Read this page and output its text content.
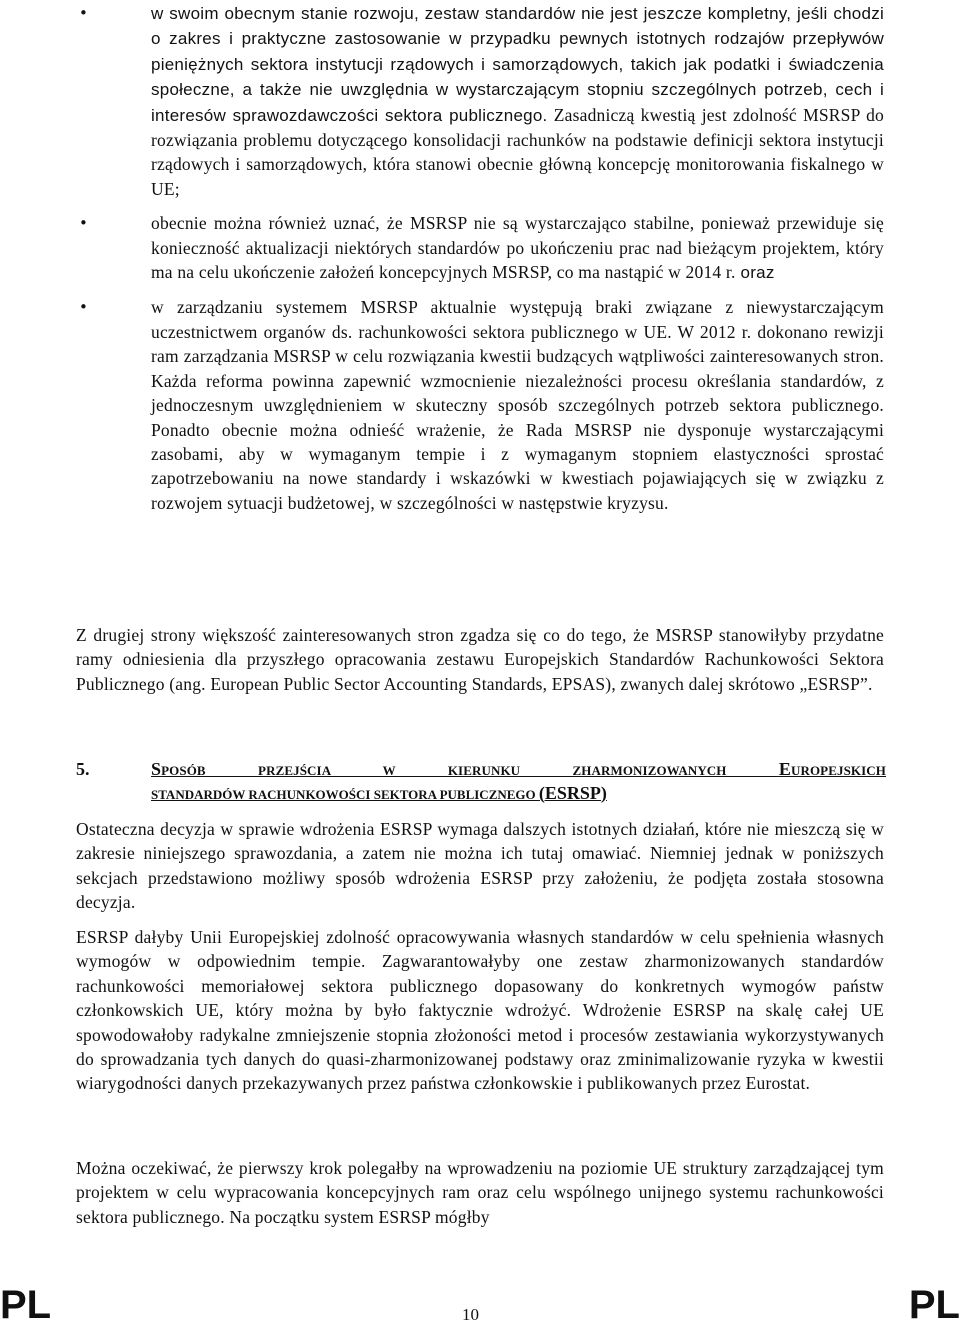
•	w swoim obecnym stanie rozwoju, zestaw standardów nie jest jeszcze kompletny, jeśli chodzi o zakres i praktyczne zastosowanie w przypadku pewnych istotnych rodzajów przepływów pieniężnych sektora instytucji rządowych i samorządowych, takich jak podatki i świadczenia społeczne, a także nie uwzględnia w wystarczającym stopniu szczególnych potrzeb, cech i interesów sprawozdawczości sektora publicznego. Zasadniczą kwestią jest zdolność MSRSP do rozwiązania problemu dotyczącego konsolidacji rachunków na podstawie definicji sektora instytucji rządowych i samorządowych, która stanowi obecnie główną koncepcję monitorowania fiskalnego w UE;

•	obecnie można również uznać, że MSRSP nie są wystarczająco stabilne, ponieważ przewiduje się konieczność aktualizacji niektórych standardów po ukończeniu prac nad bieżącym projektem, który ma na celu ukończenie założeń koncepcyjnych MSRSP, co ma nastąpić w 2014 r. oraz

•	w zarządzaniu systemem MSRSP aktualnie występują braki związane z niewystarczającym uczestnictwem organów ds. rachunkowości sektora publicznego w UE. W 2012 r. dokonano rewizji ram zarządzania MSRSP w celu rozwiązania kwestii budzących wątpliwości zainteresowanych stron. Każda reforma powinna zapewnić wzmocnienie niezależności procesu określania standardów, z jednoczesnym uwzględnieniem w skuteczny sposób szczególnych potrzeb sektora publicznego. Ponadto obecnie można odnieść wrażenie, że Rada MSRSP nie dysponuje wystarczającymi zasobami, aby w wymaganym tempie i z wymaganym stopniem elastyczności sprostać zapotrzebowaniu na nowe standardy i wskazówki w kwestiach pojawiających się w związku z rozwojem sytuacji budżetowej, w szczególności w następstwie kryzysu.

Z drugiej strony większość zainteresowanych stron zgadza się co do tego, że MSRSP stanowiłyby przydatne ramy odniesienia dla przyszłego opracowania zestawu Europejskich Standardów Rachunkowości Sektora Publicznego (ang. European Public Sector Accounting Standards, EPSAS), zwanych dalej skrótowo „ESRSP”.

5.	SPOSÓB PRZEJŚCIA W KIERUNKU ZHARMONIZOWANYCH EUROPEJSKICH
STANDARDÓW RACHUNKOWOŚCI SEKTORA PUBLICZNEGO (ESRSP)

Ostateczna decyzja w sprawie wdrożenia ESRSP wymaga dalszych istotnych działań, które nie mieszczą się w zakresie niniejszego sprawozdania, a zatem nie można ich tutaj omawiać. Niemniej jednak w poniższych sekcjach przedstawiono możliwy sposób wdrożenia ESRSP przy założeniu, że podjęta została stosowna decyzja.

ESRSP dałyby Unii Europejskiej zdolność opracowywania własnych standardów w celu spełnienia własnych wymogów w odpowiednim tempie. Zagwarantowałyby one zestaw zharmonizowanych standardów rachunkowości memoriałowej sektora publicznego dopasowany do konkretnych wymogów państw członkowskich UE, który można by było faktycznie wdrożyć. Wdrożenie ESRSP na skalę całej UE spowodowałoby radykalne zmniejszenie stopnia złożoności metod i procesów zestawiania wykorzystywanych do sprowadzania tych danych do quasi-zharmonizowanej podstawy oraz zminimalizowanie ryzyka w kwestii wiarygodności danych przekazywanych przez państwa członkowskie i publikowanych przez Eurostat.

Można oczekiwać, że pierwszy krok polegałby na wprowadzeniu na poziomie UE struktury zarządzającej tym projektem w celu wypracowania koncepcyjnych ram oraz celu wspólnego unijnego systemu rachunkowości sektora publicznego. Na początku system ESRSP mógłby

PL	10	PL
